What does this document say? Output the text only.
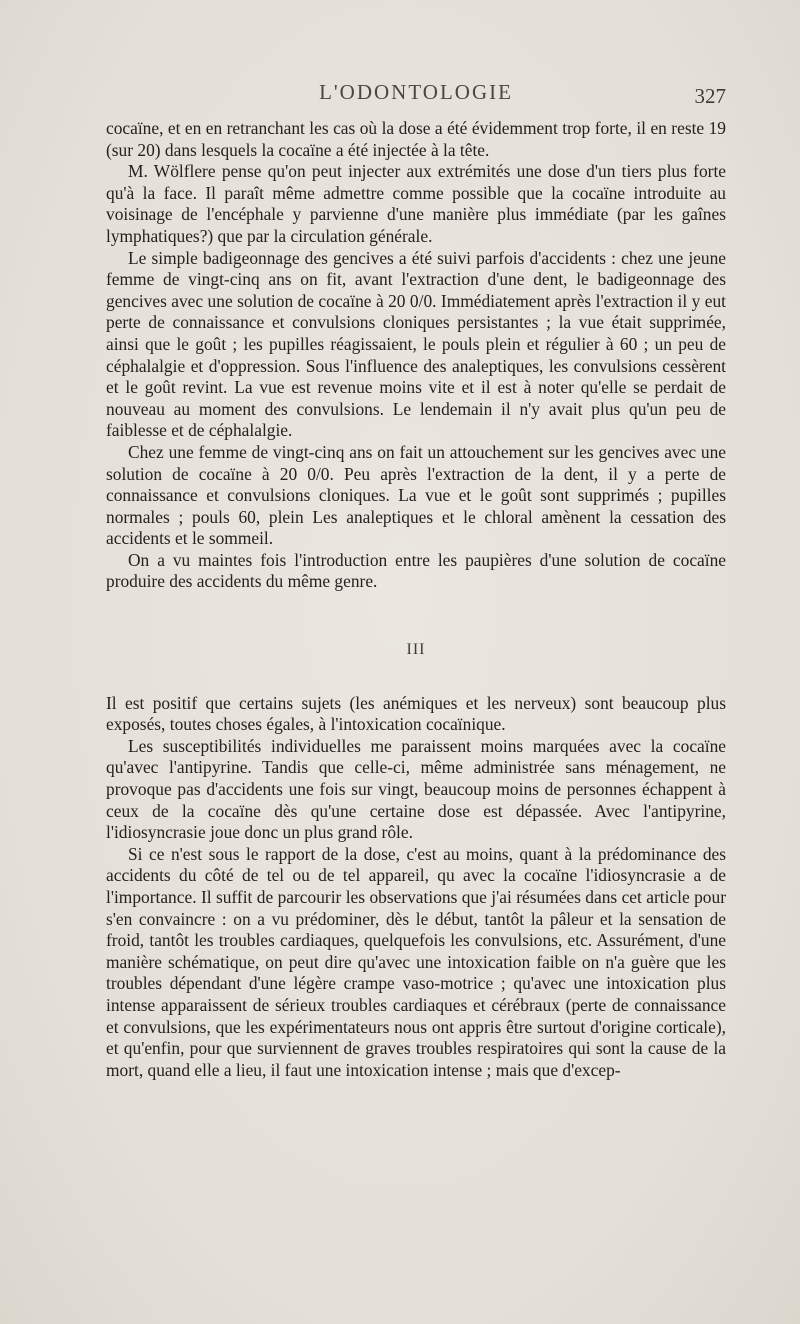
L'ODONTOLOGIE	327

cocaïne, et en en retranchant les cas où la dose a été évidemment trop forte, il en reste 19 (sur 20) dans lesquels la cocaïne a été injectée à la tête.

M. Wölflere pense qu'on peut injecter aux extrémités une dose d'un tiers plus forte qu'à la face. Il paraît même admettre comme possible que la cocaïne introduite au voisinage de l'encéphale y parvienne d'une manière plus immédiate (par les gaînes lymphatiques?) que par la circulation générale.

Le simple badigeonnage des gencives a été suivi parfois d'accidents : chez une jeune femme de vingt-cinq ans on fit, avant l'extraction d'une dent, le badigeonnage des gencives avec une solution de cocaïne à 20 0/0. Immédiatement après l'extraction il y eut perte de connaissance et convulsions cloniques persistantes ; la vue était supprimée, ainsi que le goût ; les pupilles réagissaient, le pouls plein et régulier à 60 ; un peu de céphalalgie et d'oppression. Sous l'influence des analeptiques, les convulsions cessèrent et le goût revint. La vue est revenue moins vite et il est à noter qu'elle se perdait de nouveau au moment des convulsions. Le lendemain il n'y avait plus qu'un peu de faiblesse et de céphalalgie.

Chez une femme de vingt-cinq ans on fait un attouchement sur les gencives avec une solution de cocaïne à 20 0/0. Peu après l'extraction de la dent, il y a perte de connaissance et convulsions cloniques. La vue et le goût sont supprimés ; pupilles normales ; pouls 60, plein Les analeptiques et le chloral amènent la cessation des accidents et le sommeil.

On a vu maintes fois l'introduction entre les paupières d'une solution de cocaïne produire des accidents du même genre.

III

Il est positif que certains sujets (les anémiques et les nerveux) sont beaucoup plus exposés, toutes choses égales, à l'intoxication cocaïnique.

Les susceptibilités individuelles me paraissent moins marquées avec la cocaïne qu'avec l'antipyrine. Tandis que celle-ci, même administrée sans ménagement, ne provoque pas d'accidents une fois sur vingt, beaucoup moins de personnes échappent à ceux de la cocaïne dès qu'une certaine dose est dépassée. Avec l'antipyrine, l'idiosyncrasie joue donc un plus grand rôle.

Si ce n'est sous le rapport de la dose, c'est au moins, quant à la prédominance des accidents du côté de tel ou de tel appareil, qu avec la cocaïne l'idiosyncrasie a de l'importance. Il suffit de parcourir les observations que j'ai résumées dans cet article pour s'en convaincre : on a vu prédominer, dès le début, tantôt la pâleur et la sensation de froid, tantôt les troubles cardiaques, quelquefois les convulsions, etc. Assurément, d'une manière schématique, on peut dire qu'avec une intoxication faible on n'a guère que les troubles dépendant d'une légère crampe vaso-motrice ; qu'avec une intoxication plus intense apparaissent de sérieux troubles cardiaques et cérébraux (perte de connaissance et convulsions, que les expérimentateurs nous ont appris être surtout d'origine corticale), et qu'enfin, pour que surviennent de graves troubles respiratoires qui sont la cause de la mort, quand elle a lieu, il faut une intoxication intense ; mais que d'excep-
